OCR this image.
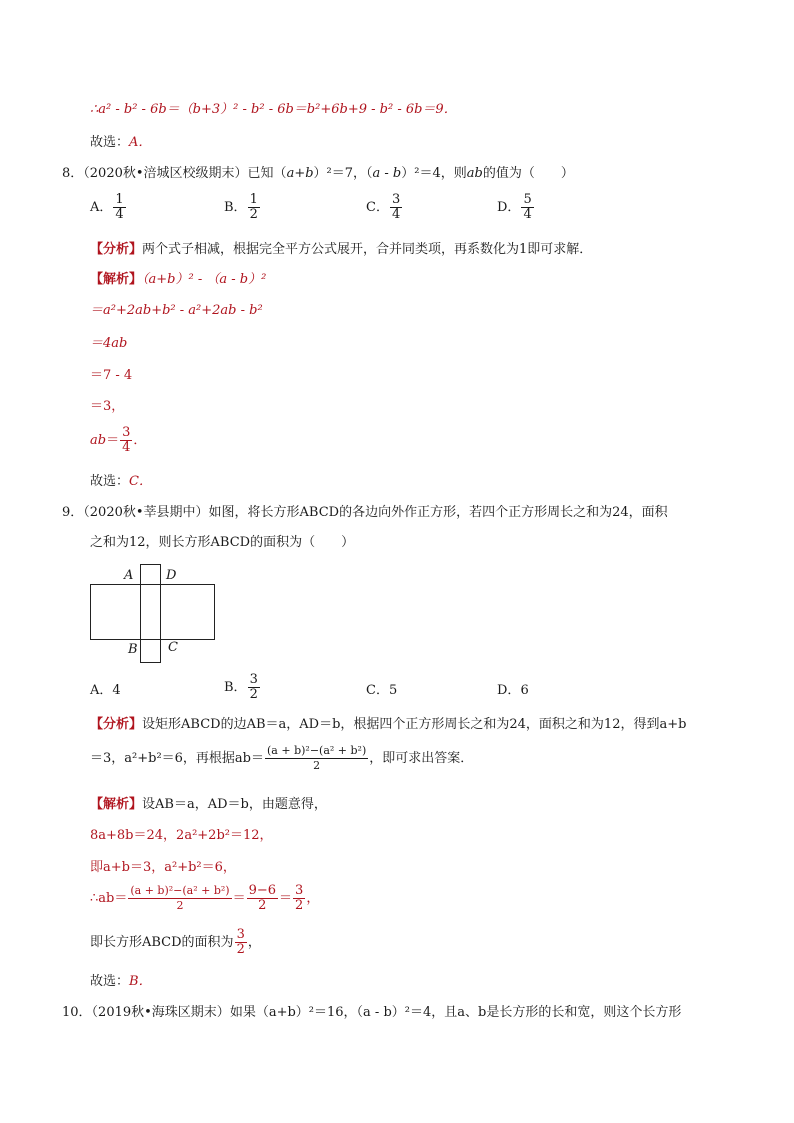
∴a² - b² - 6b＝（b+3）² - b² - 6b＝b²+6b+9 - b² - 6b＝9．
故选：A．
8．（2020秋•涪城区校级期末）已知（a+b）²＝7，（a - b）²＝4，则ab的值为（　　）
A． $\frac{1}{4}$	B． $\frac{1}{2}$	C． $\frac{3}{4}$	D． $\frac{5}{4}$
【分析】两个式子相减，根据完全平方公式展开，合并同类项，再系数化为1即可求解．
【解析】（a+b）² - （a - b）²
＝a²+2ab+b² - a²+2ab - b²
＝4ab
＝7 - 4
＝3，
$ab= \frac{3}{4}$ ．
故选：C．
9．（2020秋•莘县期中）如图，将长方形ABCD的各边向外作正方形，若四个正方形周长之和为24，面积
之和为12，则长方形ABCD的面积为（　　）
A	D
B C
A．4	B． $\frac{3}{2}$	C．5	D．6
【分析】设矩形ABCD的边AB＝a，AD＝b，根据四个正方形周长之和为24，面积之和为12，得到a+b
＝3，a²+b²＝6，再根据$ab= \frac{\text{(a + b)²−(a² + b²)}}{2}$ ，即可求出答案．
【解析】设AB＝a，AD＝b，由题意得，
8a+8b＝24，2a²+2b²＝12，
即a+b＝3，a²+b²＝6，
∴ab＝ $\frac{\text{(a + b)²−(a² + b²)}}{2} = \frac{9-6}{2} = \frac{3}{2}$ ，
即长方形ABCD的面积为 $\frac{3}{2}$ ，
故选：B．
10．（2019秋•海珠区期末）如果（a+b）²＝16，（a - b）²＝4，且a、b是长方形的长和宽，则这个长方形
